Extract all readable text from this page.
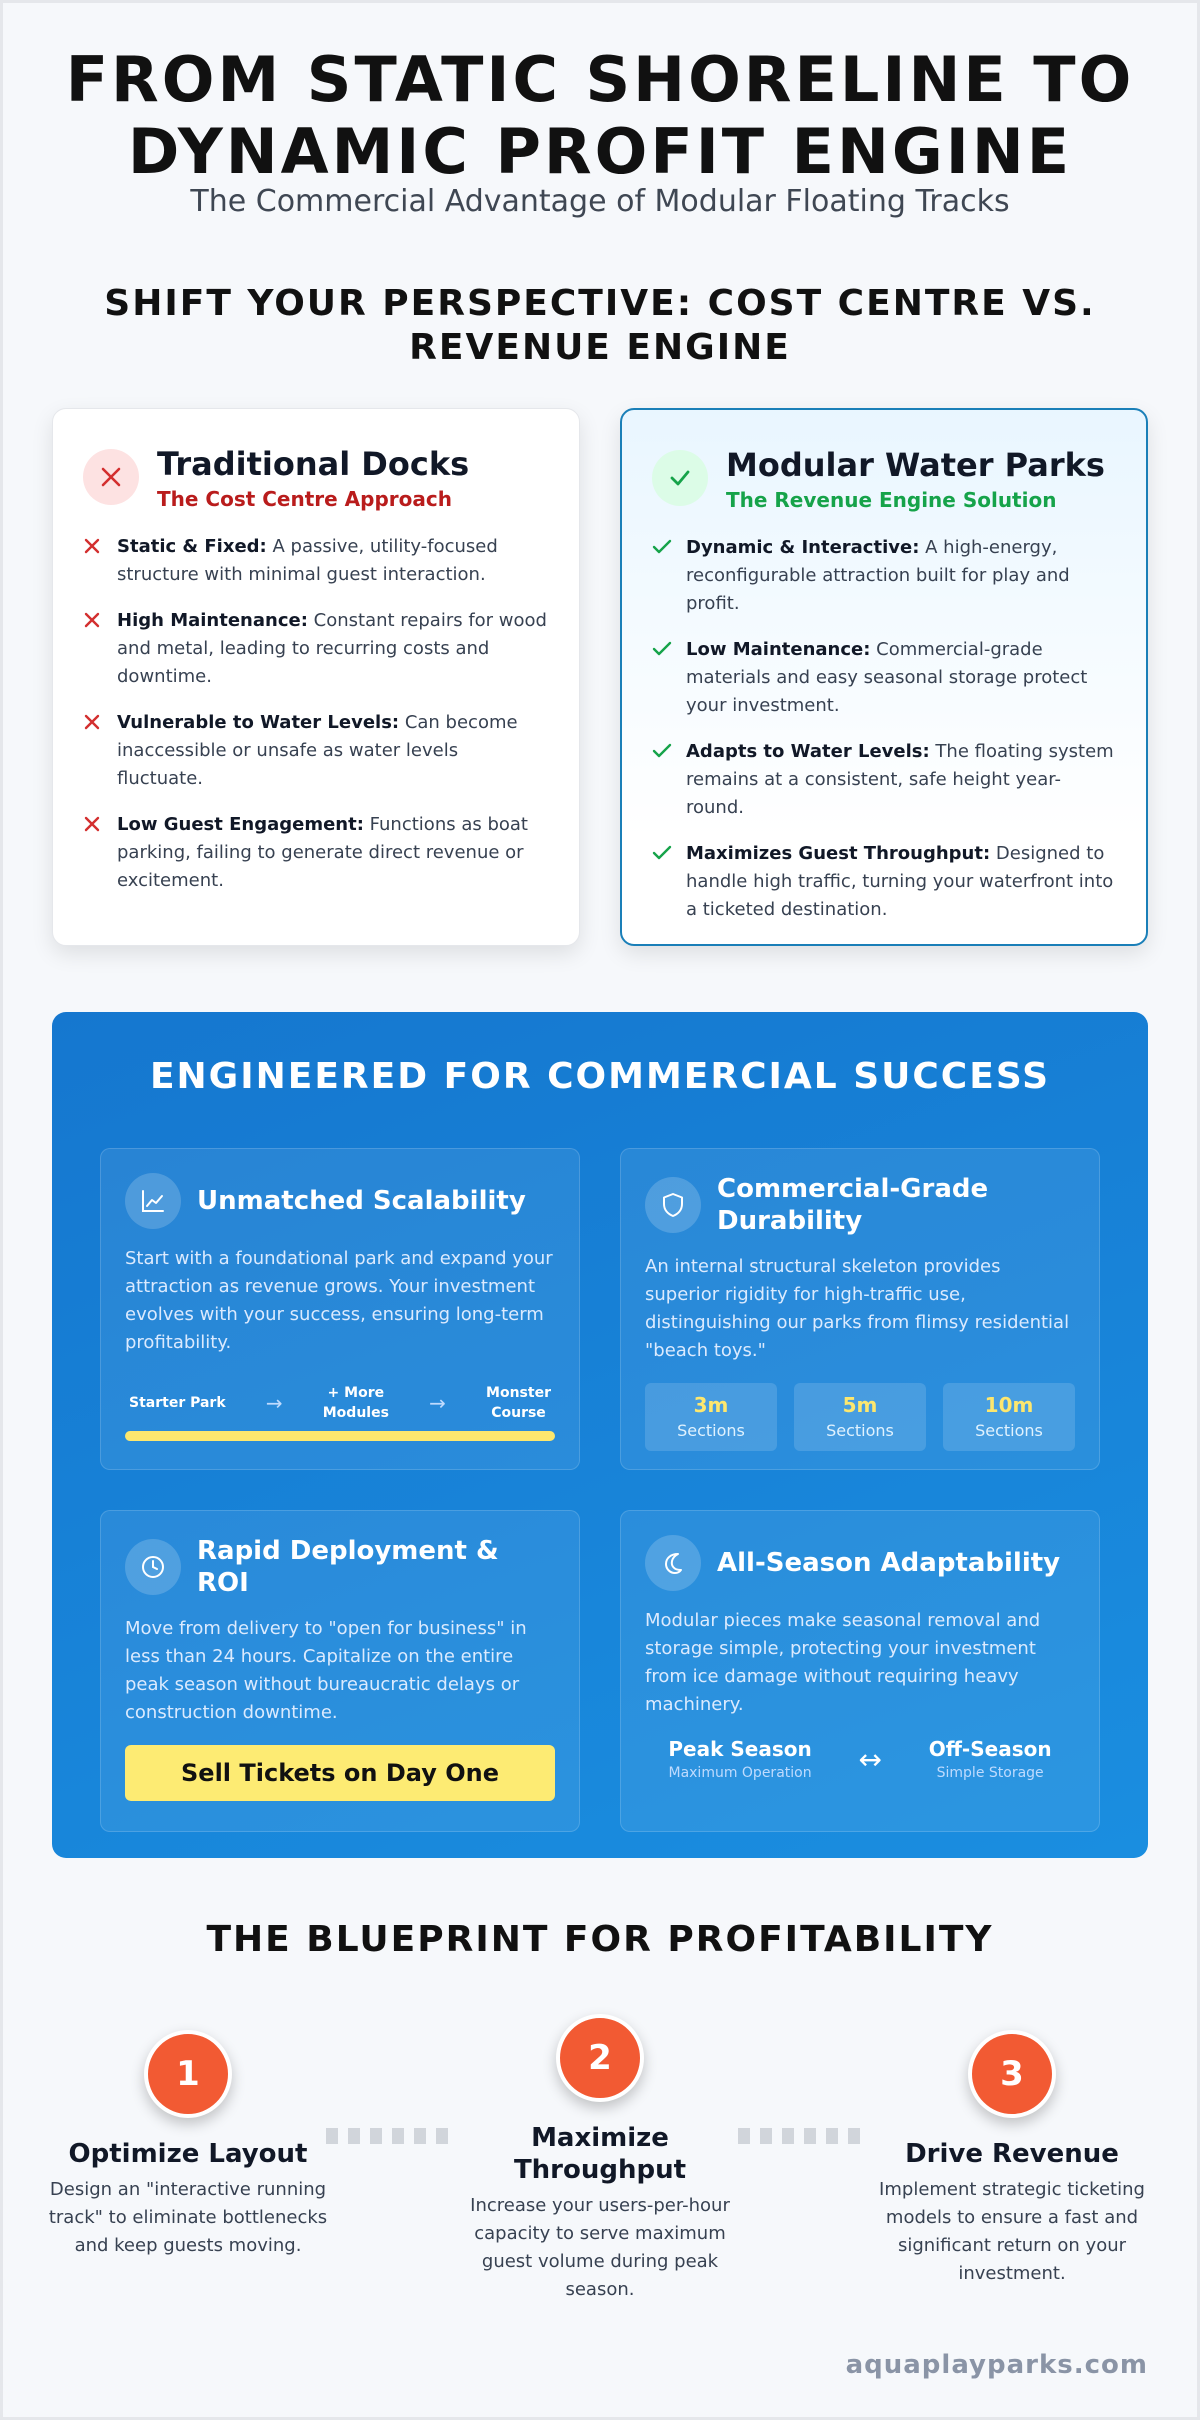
FROM STATIC SHORELINE TO
DYNAMIC PROFIT ENGINE
The Commercial Advantage of Modular Floating Tracks
SHIFT YOUR PERSPECTIVE: COST CENTRE VS.
REVENUE ENGINE
Traditional Docks
The Cost Centre Approach
Static & Fixed: A passive, utility-focused structure with minimal guest interaction.
High Maintenance: Constant repairs for wood and metal, leading to recurring costs and downtime.
Vulnerable to Water Levels: Can become inaccessible or unsafe as water levels fluctuate.
Low Guest Engagement: Functions as boat parking, failing to generate direct revenue or excitement.
Modular Water Parks
The Revenue Engine Solution
Dynamic & Interactive: A high-energy, reconfigurable attraction built for play and profit.
Low Maintenance: Commercial-grade materials and easy seasonal storage protect your investment.
Adapts to Water Levels: The floating system remains at a consistent, safe height year-round.
Maximizes Guest Throughput: Designed to handle high traffic, turning your waterfront into a ticketed destination.
ENGINEERED FOR COMMERCIAL SUCCESS
Unmatched Scalability
Start with a foundational park and expand your attraction as revenue grows. Your investment evolves with your success, ensuring long-term profitability.
Starter Park →	+ More
Modules →	Monster
Course
Commercial-Grade
Durability
An internal structural skeleton provides superior rigidity for high-traffic use, distinguishing our parks from flimsy residential "beach toys."
3m
Sections
5m
Sections
10m
Sections
Rapid Deployment & ROI
Move from delivery to "open for business" in less than 24 hours. Capitalize on the entire peak season without bureaucratic delays or construction downtime.
Sell Tickets on Day One
All-Season Adaptability
Modular pieces make seasonal removal and storage simple, protecting your investment from ice damage without requiring heavy machinery.
Peak Season
Maximum Operation ↔ Off-Season
Simple Storage
THE BLUEPRINT FOR PROFITABILITY
1
Optimize Layout
Design an "interactive running track" to eliminate bottlenecks and keep guests moving.
2
Maximize
Throughput
Increase your users-per-hour capacity to serve maximum guest volume during peak season.
3
Drive Revenue
Implement strategic ticketing models to ensure a fast and significant return on your investment.
aquaplayparks.com
